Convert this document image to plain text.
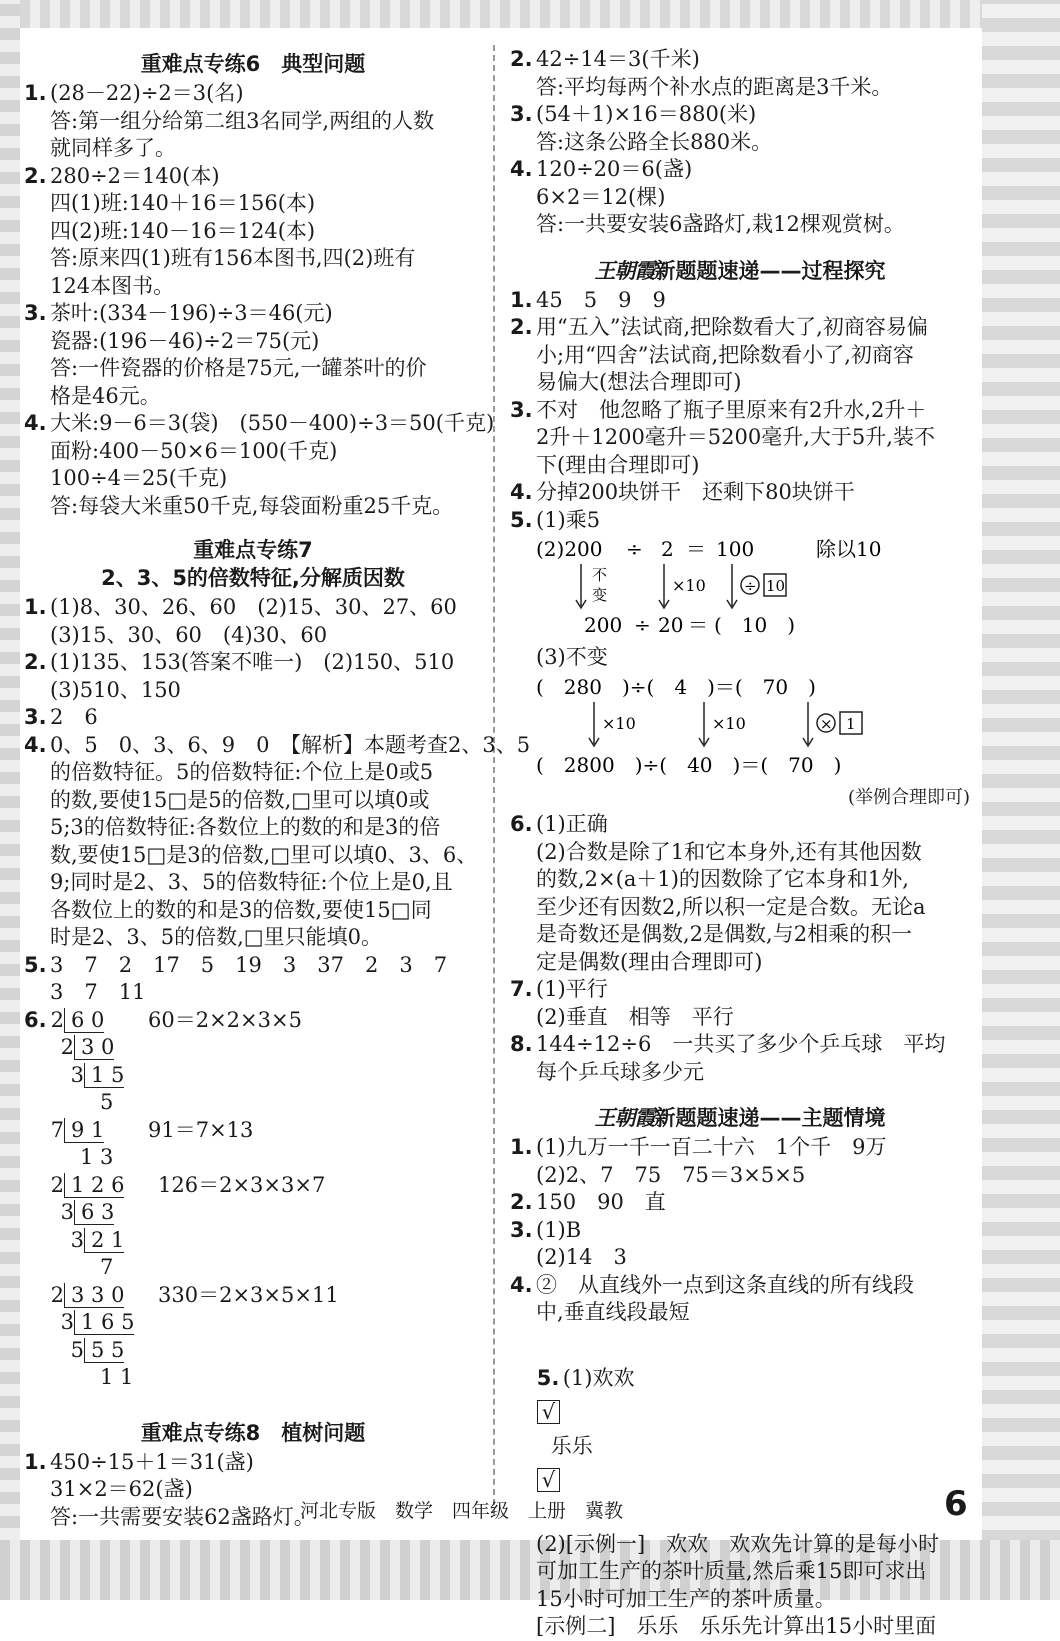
重难点专练6　典型问题
1. (28－22)÷2＝3(名)
答:第一组分给第二组3名同学,两组的人数
就同样多了。
2. 280÷2＝140(本)
四(1)班:140＋16＝156(本)
四(2)班:140－16＝124(本)
答:原来四(1)班有156本图书,四(2)班有
124本图书。
3. 茶叶:(334－196)÷3＝46(元)
瓷器:(196－46)÷2＝75(元)
答:一件瓷器的价格是75元,一罐茶叶的价
格是46元。
4. 大米:9－6＝3(袋)　(550－400)÷3＝50(千克)
面粉:400－50×6＝100(千克)
100÷4＝25(千克)
答:每袋大米重50千克,每袋面粉重25千克。
重难点专练7
2、3、5的倍数特征,分解质因数
1. (1)8、30、26、60　(2)15、30、27、60
(3)15、30、60　(4)30、60
2. (1)135、153(答案不唯一)　(2)150、510
(3)510、150
3. 2　6
4. 0、5　0、3、6、9　0　【解析】本题考查2、3、5
的倍数特征。5的倍数特征:个位上是0或5
的数,要使15□是5的倍数,□里可以填0或
5;3的倍数特征:各数位上的数的和是3的倍
数,要使15□是3的倍数,□里可以填0、3、6、
9;同时是2、3、5的倍数特征:个位上是0,且
各数位上的数的和是3的倍数,要使15□同
时是2、3、5的倍数,□里只能填0。
5. 3　7　2　17　5　19　3　37　2　3　7
3　7　11
6. 2 6 0
2 3 0
3 1 5
5
60＝2×2×3×5
7 9 1
1 3
91＝7×13
2 1 2 6
3 6 3
3 2 1
7
126＝2×3×3×7
2 3 3 0
3 1 6 5
5 5 5
1 1
330＝2×3×5×11
重难点专练8　植树问题
1. 450÷15＋1＝31(盏)
31×2＝62(盏)
答:一共需要安装62盏路灯。
2. 42÷14＝3(千米)
答:平均每两个补水点的距离是3千米。
3. (54＋1)×16＝880(米)
答:这条公路全长880米。
4. 120÷20＝6(盏)
6×2＝12(棵)
答:一共要安装6盏路灯,栽12棵观赏树。
王朝霞新题题速递——过程探究
1. 45　5　9　9
2. 用“五入”法试商,把除数看大了,初商容易偏
小;用“四舍”法试商,把除数看小了,初商容
易偏大(想法合理即可)
3. 不对　他忽略了瓶子里原来有2升水,2升＋
2升＋1200毫升＝5200毫升,大于5升,装不
下(理由合理即可)
4. 分掉200块饼干　还剩下80块饼干
5. (1)乘5
(2)200 ÷ 2 ＝ 100	除以10
不
变	×10	÷ 10
200 ÷ 20 ＝ (　10　)
(3)不变
(　280　)÷(　4　)＝(　70　)
×10	×10	× 1
(　2800　)÷(　40　)＝(　70　)
(举例合理即可)
6. (1)正确
(2)合数是除了1和它本身外,还有其他因数
的数,2×(a＋1)的因数除了它本身和1外,
至少还有因数2,所以积一定是合数。无论a
是奇数还是偶数,2是偶数,与2相乘的积一
定是偶数(理由合理即可)
7. (1)平行
(2)垂直　相等　平行
8. 144÷12÷6　一共买了多少个乒乓球　平均
每个乒乓球多少元
王朝霞新题题速递——主题情境
1. (1)九万一千一百二十六　1个千　9万
(2)2、7　75　75＝3×5×5
2. 150　90　直
3. (1)B
(2)14　3
4. ②　从直线外一点到这条直线的所有线段
中,垂直线段最短

5. (1)欢欢
√
乐乐
√

(2)[示例一]　欢欢　欢欢先计算的是每小时
可加工生产的茶叶质量,然后乘15即可求出
15小时可加工生产的茶叶质量。
[示例二]　乐乐　乐乐先计算出15小时里面
河北专版　数学　四年级　上册　冀教	6
